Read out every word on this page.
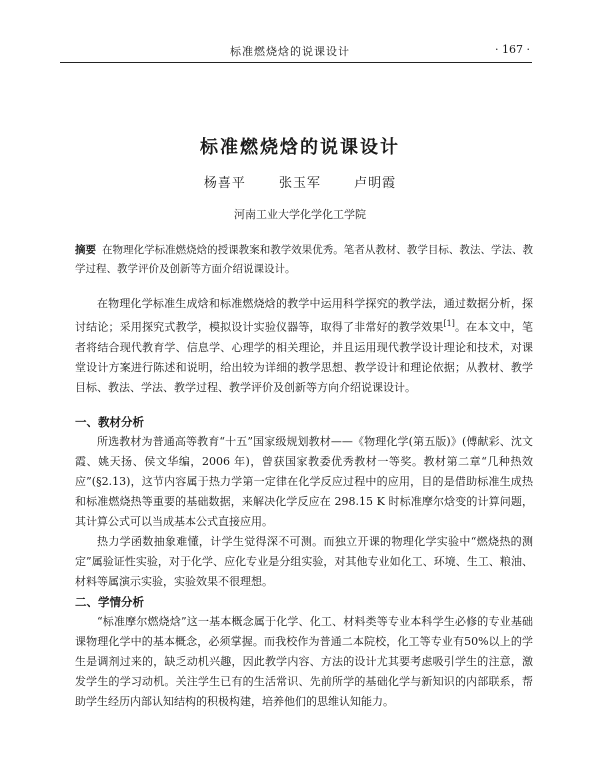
标准燃烧焓的说课设计	· 167 ·
标准燃烧焓的说课设计
杨喜平	张玉军	卢明霞
河南工业大学化学化工学院
摘要 在物理化学标准燃烧焓的授课教案和教学效果优秀。笔者从教材、教学目标、教法、学法、教学过程、教学评价及创新等方面介绍说课设计。

在物理化学标准生成焓和标准燃烧焓的教学中运用科学探究的教学法，通过数据分析，探讨结论；采用探究式教学，模拟设计实验仪器等，取得了非常好的教学效果[1]。在本文中，笔者将结合现代教育学、信息学、心理学的相关理论，并且运用现代教学设计理论和技术，对课堂设计方案进行陈述和说明，给出较为详细的教学思想、教学设计和理论依据；从教材、教学目标、教法、学法、教学过程、教学评价及创新等方向介绍说课设计。

一、教材分析

所选教材为普通高等教育“十五”国家级规划教材——《物理化学(第五版)》(傅献彩、沈文霞、姚天扬、侯文华编，2006 年)，曾获国家教委优秀教材一等奖。教材第二章“几种热效应”(§2.13)，这节内容属于热力学第一定律在化学反应过程中的应用，目的是借助标准生成热和标准燃烧热等重要的基础数据，来解决化学反应在 298.15 K 时标准摩尔焓变的计算问题，其计算公式可以当成基本公式直接应用。

热力学函数抽象难懂，计学生觉得深不可测。而独立开课的物理化学实验中“燃烧热的测定”属验证性实验，对于化学、应化专业是分组实验，对其他专业如化工、环境、生工、粮油、材料等属演示实验，实验效果不很理想。

二、学情分析

“标准摩尔燃烧焓”这一基本概念属于化学、化工、材料类等专业本科学生必修的专业基础课物理化学中的基本概念，必须掌握。而我校作为普通二本院校，化工等专业有50%以上的学生是调剂过来的，缺乏动机兴趣，因此教学内容、方法的设计尤其要考虑吸引学生的注意，激发学生的学习动机。关注学生已有的生活常识、先前所学的基础化学与新知识的内部联系，帮助学生经历内部认知结构的积极构建，培养他们的思维认知能力。
